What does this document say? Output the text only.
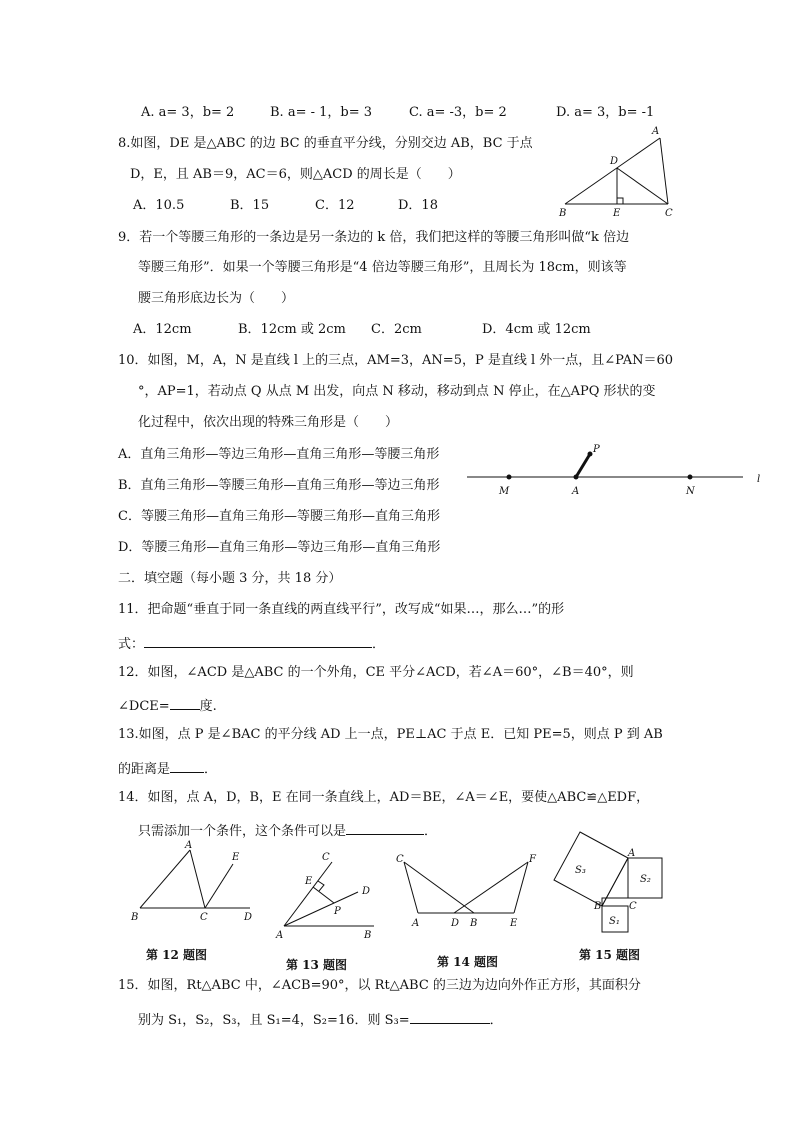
A. a= 3，b= 2	B. a= - 1，b= 3	C. a= -3，b= 2	D. a= 3，b= -1
8.如图，DE 是△ABC 的边 BC 的垂直平分线，分别交边 AB，BC 于点
D，E，且 AB＝9，AC＝6，则△ACD 的周长是（　　）
A．10.5	B．15	C．12	D．18
A
B	C
D
E
9．若一个等腰三角形的一条边是另一条边的 k 倍，我们把这样的等腰三角形叫做“k 倍边
等腰三角形”．如果一个等腰三角形是“4 倍边等腰三角形”，且周长为 18cm，则该等
腰三角形底边长为（　　）
A．12cm	B．12cm 或 2cm C．2cm	D．4cm 或 12cm
10．如图，M，A，N 是直线 l 上的三点，AM=3，AN=5，P 是直线 l 外一点，且∠PAN＝60
°，AP=1，若动点 Q 从点 M 出发，向点 N 移动，移动到点 N 停止，在△APQ 形状的变
化过程中，依次出现的特殊三角形是（　　）
A．直角三角形—等边三角形—直角三角形—等腰三角形
B．直角三角形—等腰三角形—直角三角形—等边三角形
C．等腰三角形—直角三角形—等腰三角形—直角三角形
D．等腰三角形—直角三角形—等边三角形—直角三角形
M	A	N
P
l
二．填空题（每小题 3 分，共 18 分）
11．把命题“垂直于同一条直线的两直线平行”，改写成“如果…，那么…”的形
式：	．
12．如图，∠ACD 是△ABC 的一个外角，CE 平分∠ACD，若∠A＝60°，∠B＝40°，则
∠DCE= 度.
13.如图，点 P 是∠BAC 的平分线 AD 上一点，PE⊥AC 于点 E．已知 PE=5，则点 P 到 AB
的距离是	．
14．如图，点 A，D，B，E 在同一条直线上，AD＝BE，∠A＝∠E，要使△ABC≌△EDF，
只需添加一个条件，这个条件可以是	．
A
B	C	D
E
第 12 题图
A	B
C
D
E
P
第 13 题图
C	F
A	D B	E
第 14 题图
S₃
S₂
S₁
A
B	C
第 15 题图
15．如图，Rt△ABC 中，∠ACB=90°，以 Rt△ABC 的三边为边向外作正方形，其面积分
别为 S₁，S₂，S₃，且 S₁=4，S₂=16．则 S₃=	．
